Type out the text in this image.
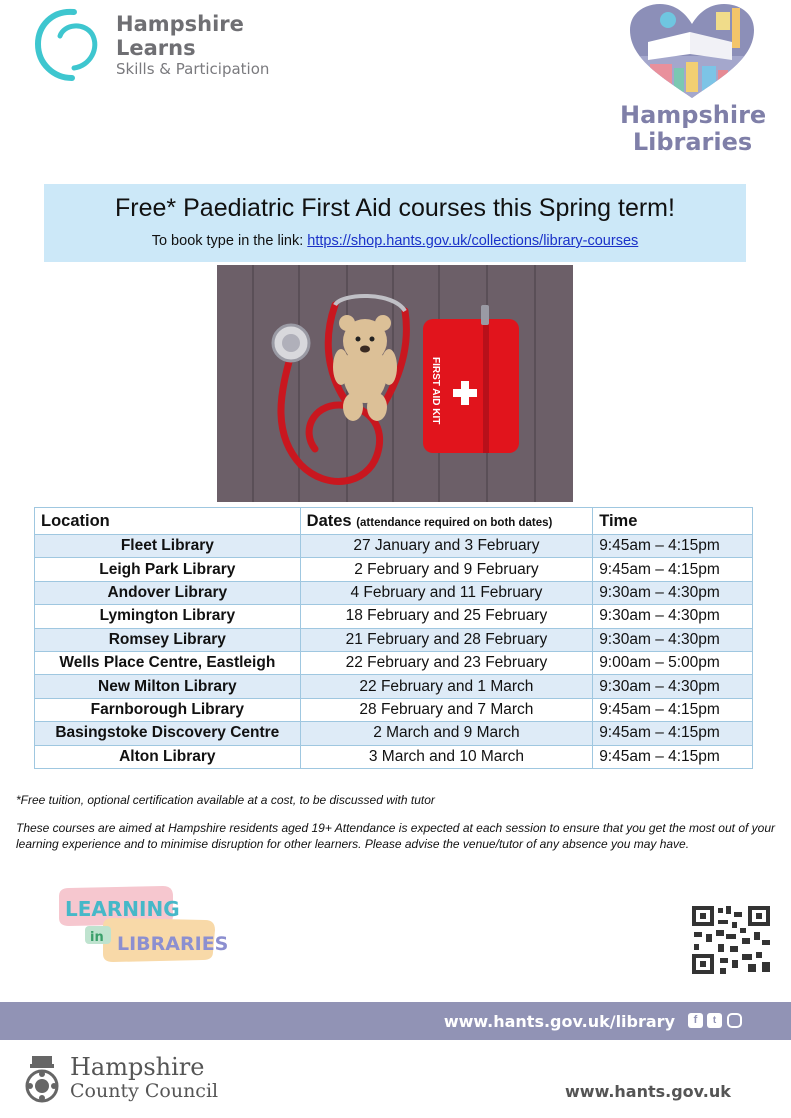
Hampshire
Learns
Skills & Participation
Hampshire
Libraries
Free* Paediatric First Aid courses this Spring term!
To book type in the link: https://shop.hants.gov.uk/collections/library-courses
FIRST AID KIT
Location	Dates (attendance required on both dates)	Time
Fleet Library	27 January and 3 February	9:45am – 4:15pm
Leigh Park Library	2 February and 9 February	9:45am – 4:15pm
Andover Library	4 February and 11 February	9:30am – 4:30pm
Lymington Library	18 February and 25 February	9:30am – 4:30pm
Romsey Library	21 February and 28 February	9:30am – 4:30pm
Wells Place Centre, Eastleigh	22 February and 23 February	9:00am – 5:00pm
New Milton Library	22 February and 1 March	9:30am – 4:30pm
Farnborough Library	28 February and 7 March	9:45am – 4:15pm
Basingstoke Discovery Centre	2 March and 9 March	9:45am – 4:15pm
Alton Library	3 March and 10 March	9:45am – 4:15pm
*Free tuition, optional certification available at a cost, to be discussed with tutor
These courses are aimed at Hampshire residents aged 19+ Attendance is expected at each session to ensure that you get the most out of your learning experience and to minimise disruption for other learners. Please advise the venue/tutor of any absence you may have.
LEARNING
in LIBRARIES
www.hants.gov.uk/library	f	t
Hampshire
County Council	www.hants.gov.uk
